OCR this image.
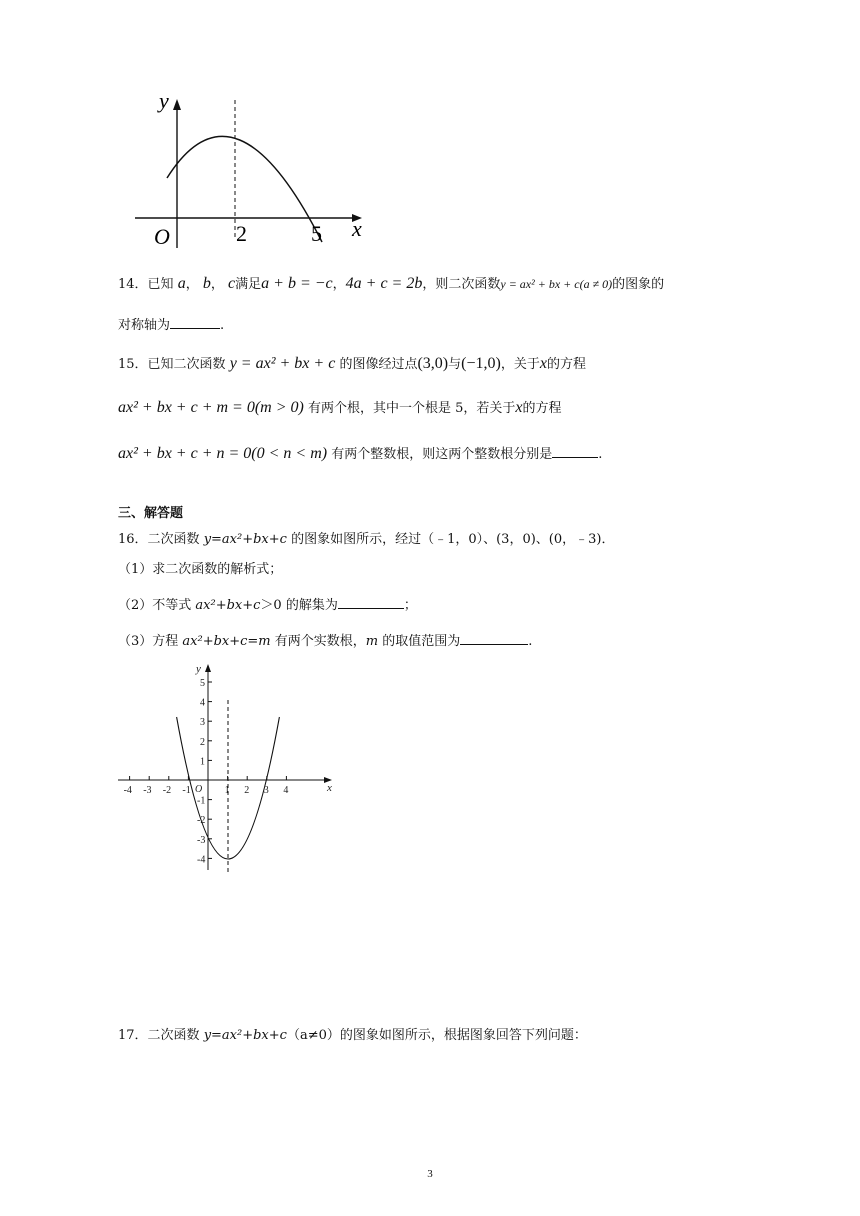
y
x
O	2	5
14．已知 a， b， c满足a + b = −c，4a + c = 2b，则二次函数y = ax² + bx + c(a ≠ 0)的图象的
对称轴为	.
15．已知二次函数 y = ax² + bx + c 的图像经过点(3,0)与(−1,0)，关于x的方程
ax² + bx + c + m = 0(m > 0) 有两个根，其中一个根是 5，若关于x的方程
ax² + bx + c + n = 0(0 < n < m) 有两个整数根，则这两个整数根分别是	.
三、解答题
16．二次函数 y=ax²+bx+c 的图象如图所示，经过（﹣1，0）、(3，0)、(0，﹣3)．
（1）求二次函数的解析式；
（2）不等式 ax²+bx+c＞0 的解集为	；
（3）方程 ax²+bx+c=m 有两个实数根，m 的取值范围为	.
x
y
O
-4 -3 -2 -1	1 2 3 4
5
4
3
2
1
-1
-2
-3
-4
17．二次函数 y=ax²+bx+c（a≠0）的图象如图所示，根据图象回答下列问题：
3
